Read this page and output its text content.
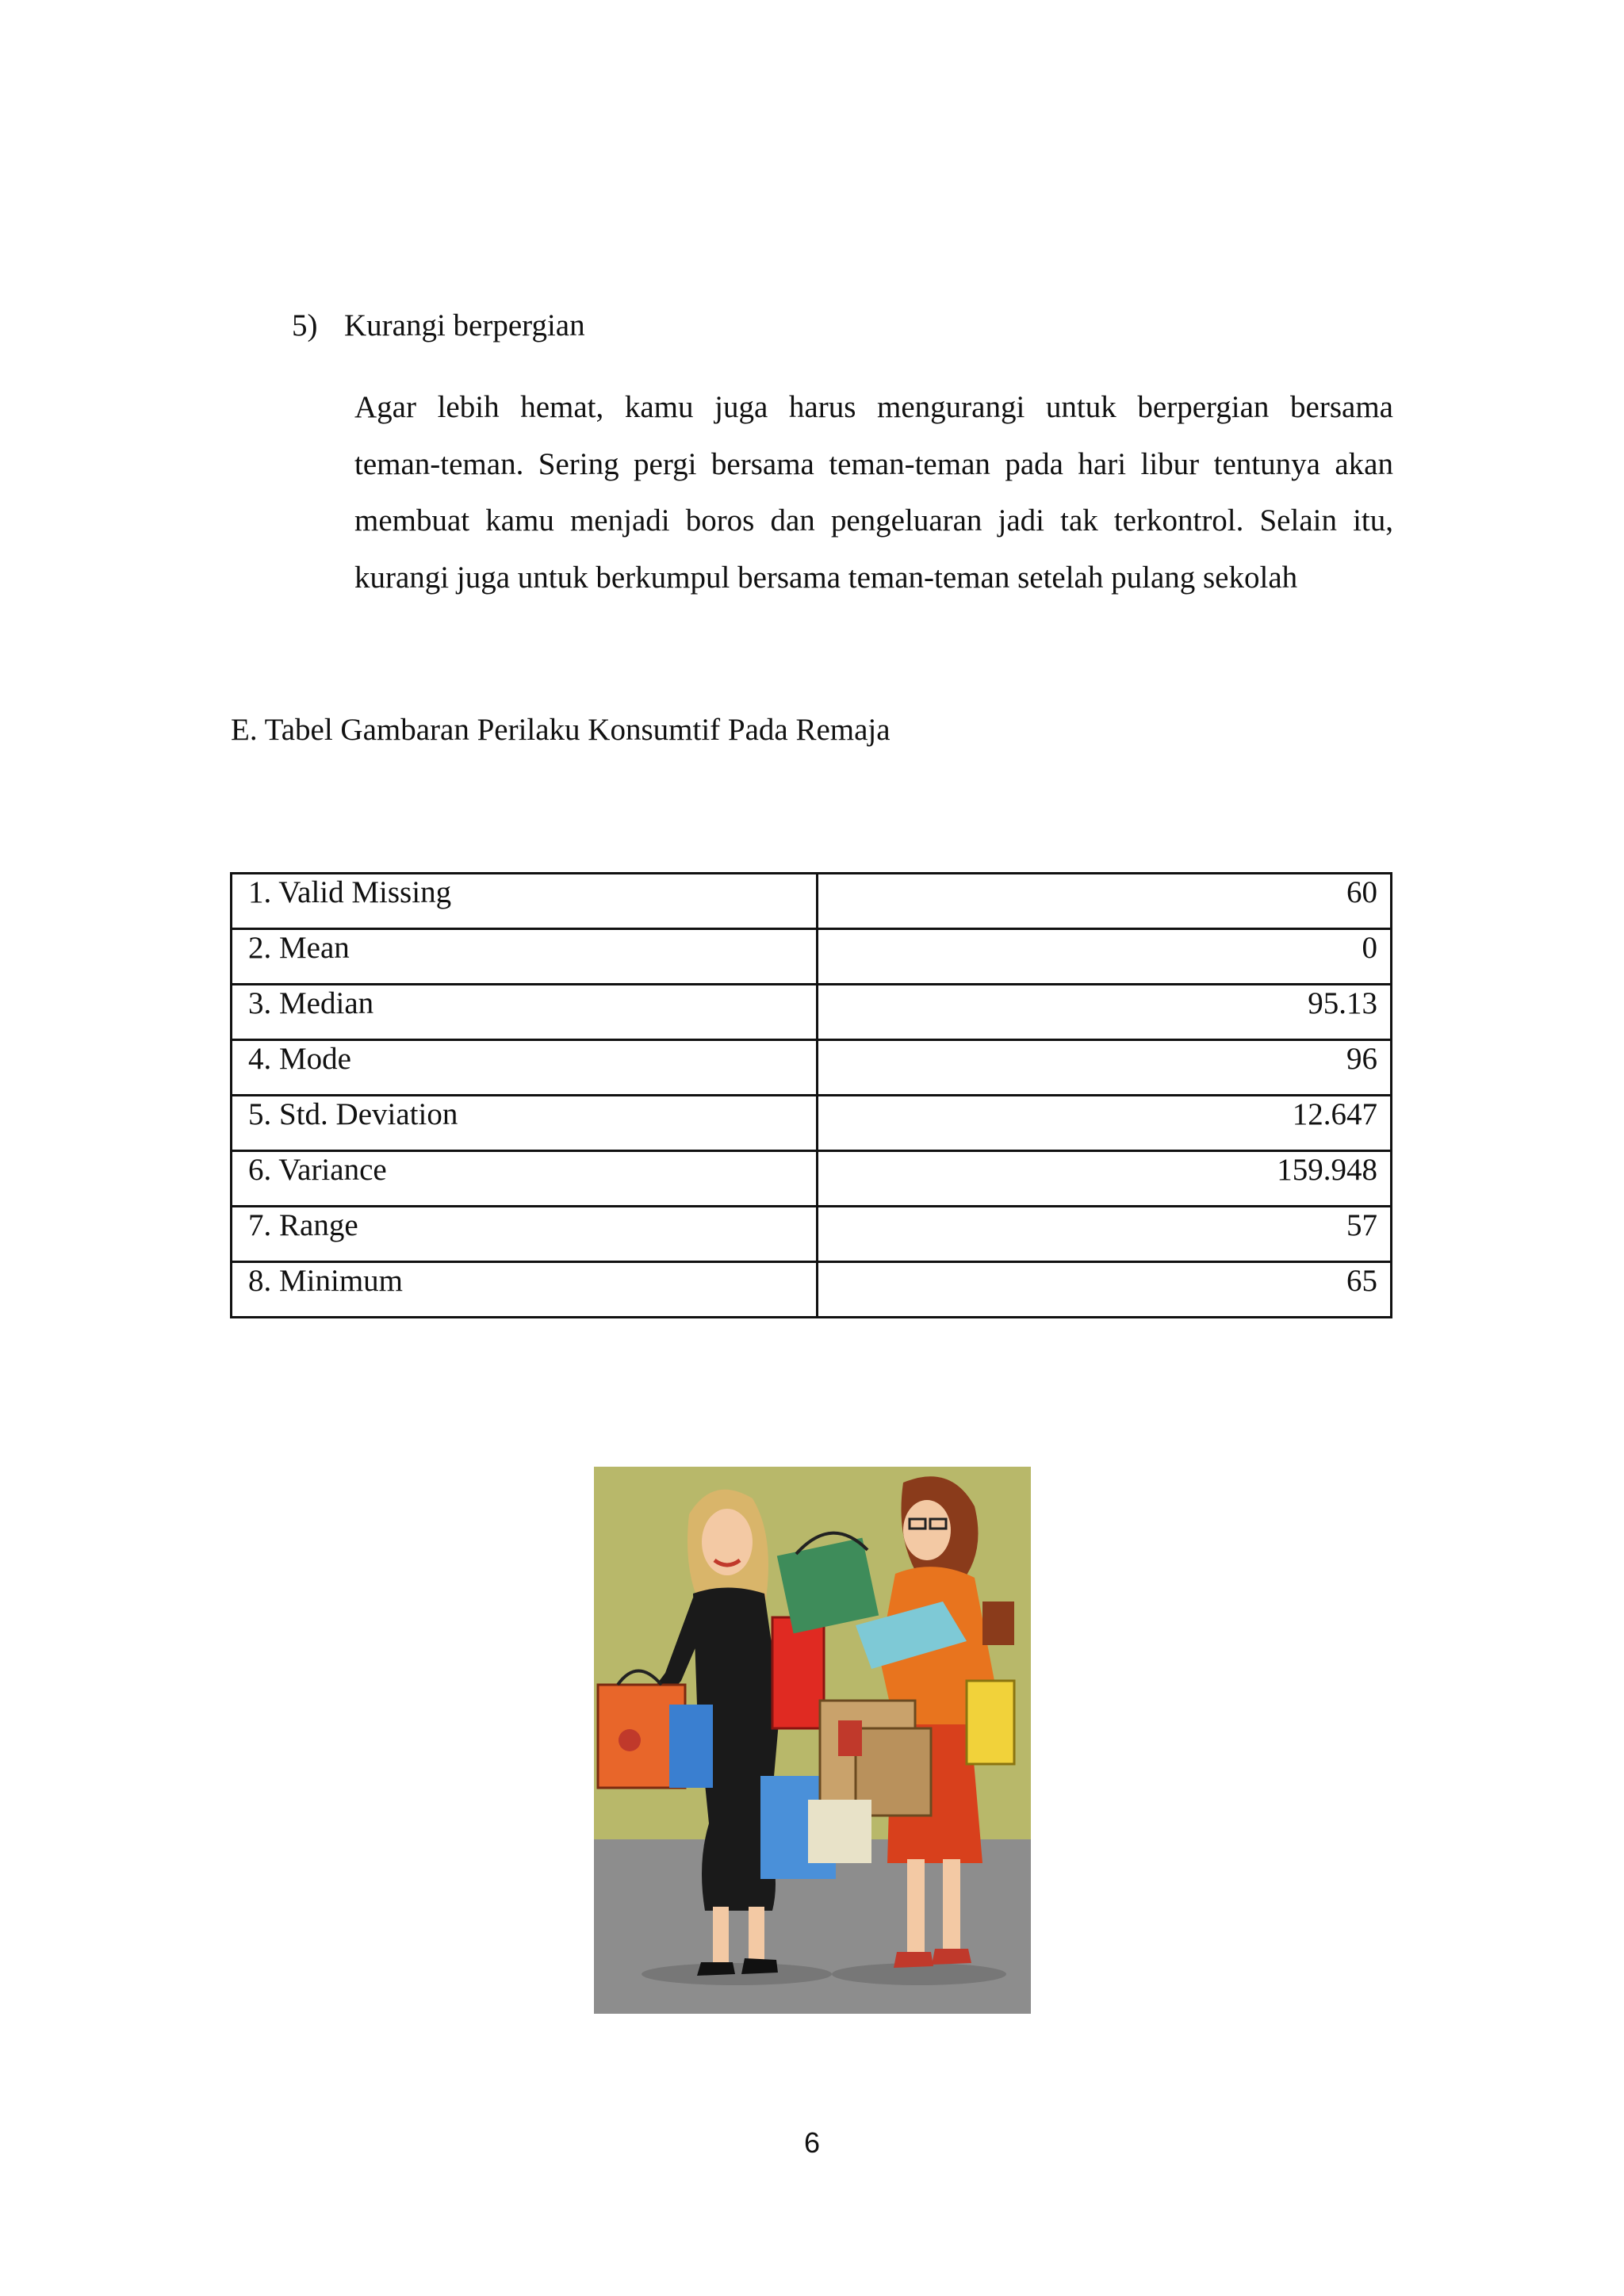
5) Kurangi berpergian

Agar lebih hemat, kamu juga harus mengurangi untuk berpergian bersama
teman-teman. Sering pergi bersama teman-teman pada hari libur tentunya akan
membuat kamu menjadi boros dan pengeluaran jadi tak terkontrol. Selain itu,
kurangi juga untuk berkumpul bersama teman-teman setelah pulang sekolah

E. Tabel Gambaran Perilaku Konsumtif Pada Remaja
1. Valid Missing	60
2. Mean	0
3. Median	95.13
4. Mode	96
5. Std. Deviation	12.647
6. Variance	159.948
7. Range	57
8. Minimum	65
6
